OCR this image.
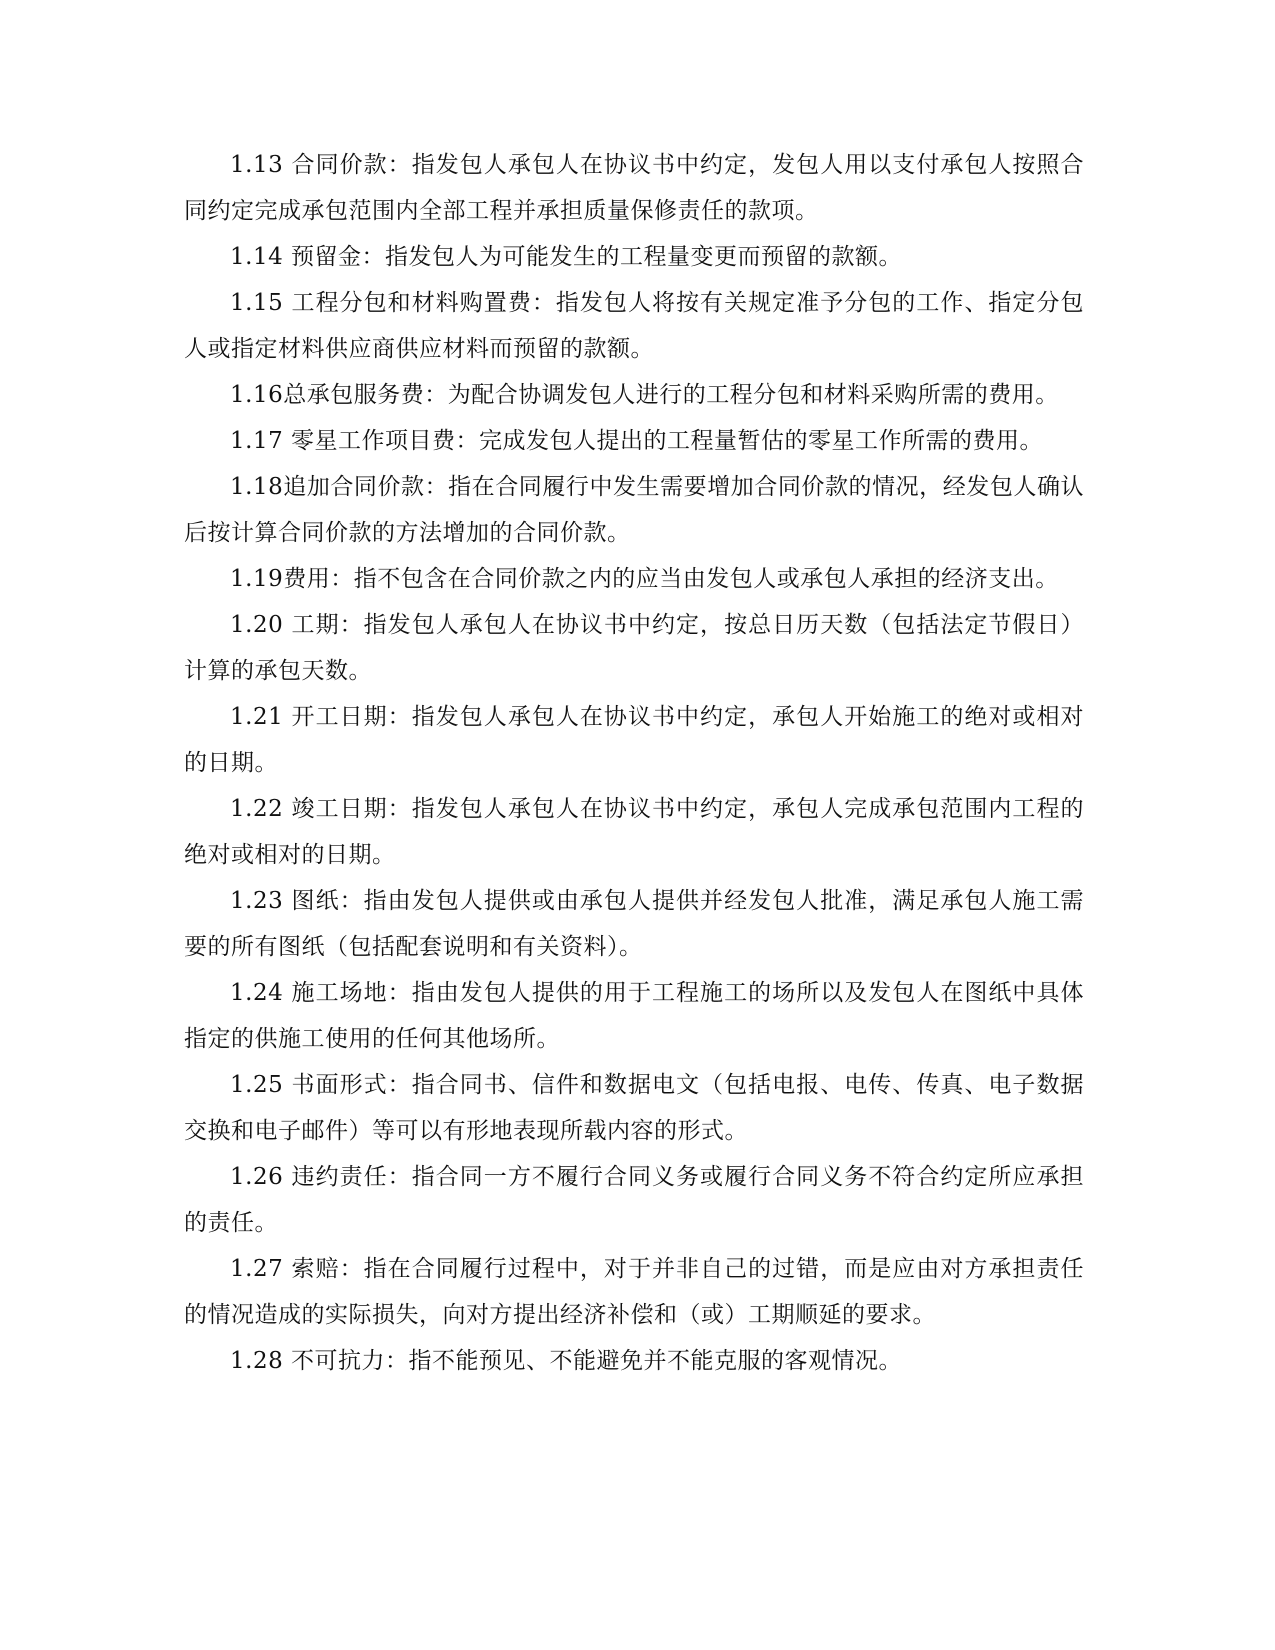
1.13 合同价款：指发包人承包人在协议书中约定，发包人用以支付承包人按照合同约定完成承包范围内全部工程并承担质量保修责任的款项。

1.14 预留金：指发包人为可能发生的工程量变更而预留的款额。

1.15 工程分包和材料购置费：指发包人将按有关规定准予分包的工作、指定分包人或指定材料供应商供应材料而预留的款额。

1.16总承包服务费：为配合协调发包人进行的工程分包和材料采购所需的费用。

1.17 零星工作项目费：完成发包人提出的工程量暂估的零星工作所需的费用。

1.18追加合同价款：指在合同履行中发生需要增加合同价款的情况，经发包人确认后按计算合同价款的方法增加的合同价款。

1.19费用：指不包含在合同价款之内的应当由发包人或承包人承担的经济支出。

1.20 工期：指发包人承包人在协议书中约定，按总日历天数（包括法定节假日）计算的承包天数。

1.21 开工日期：指发包人承包人在协议书中约定，承包人开始施工的绝对或相对的日期。

1.22 竣工日期：指发包人承包人在协议书中约定，承包人完成承包范围内工程的绝对或相对的日期。

1.23 图纸：指由发包人提供或由承包人提供并经发包人批准，满足承包人施工需要的所有图纸（包括配套说明和有关资料）。

1.24 施工场地：指由发包人提供的用于工程施工的场所以及发包人在图纸中具体指定的供施工使用的任何其他场所。

1.25 书面形式：指合同书、信件和数据电文（包括电报、电传、传真、电子数据交换和电子邮件）等可以有形地表现所载内容的形式。

1.26 违约责任：指合同一方不履行合同义务或履行合同义务不符合约定所应承担的责任。

1.27 索赔：指在合同履行过程中，对于并非自己的过错，而是应由对方承担责任的情况造成的实际损失，向对方提出经济补偿和（或）工期顺延的要求。

1.28 不可抗力：指不能预见、不能避免并不能克服的客观情况。
